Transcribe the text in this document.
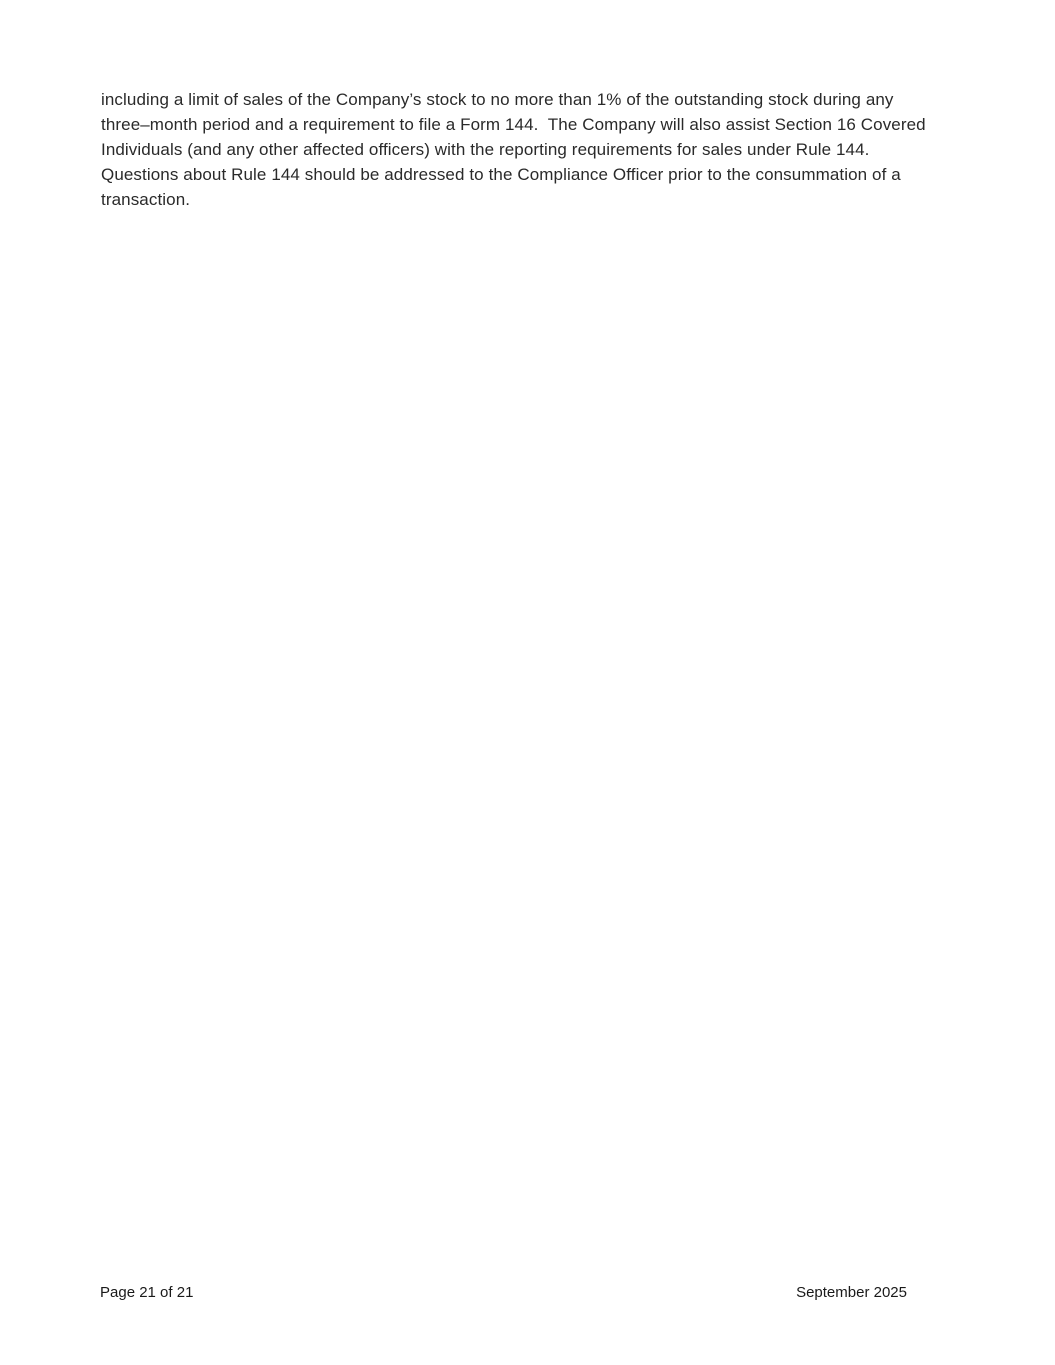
including a limit of sales of the Company’s stock to no more than 1% of the outstanding stock during any
three–month period and a requirement to file a Form 144.  The Company will also assist Section 16 Covered
Individuals (and any other affected officers) with the reporting requirements for sales under Rule 144.
Questions about Rule 144 should be addressed to the Compliance Officer prior to the consummation of a
transaction.
Page 21 of 21	September 2025
